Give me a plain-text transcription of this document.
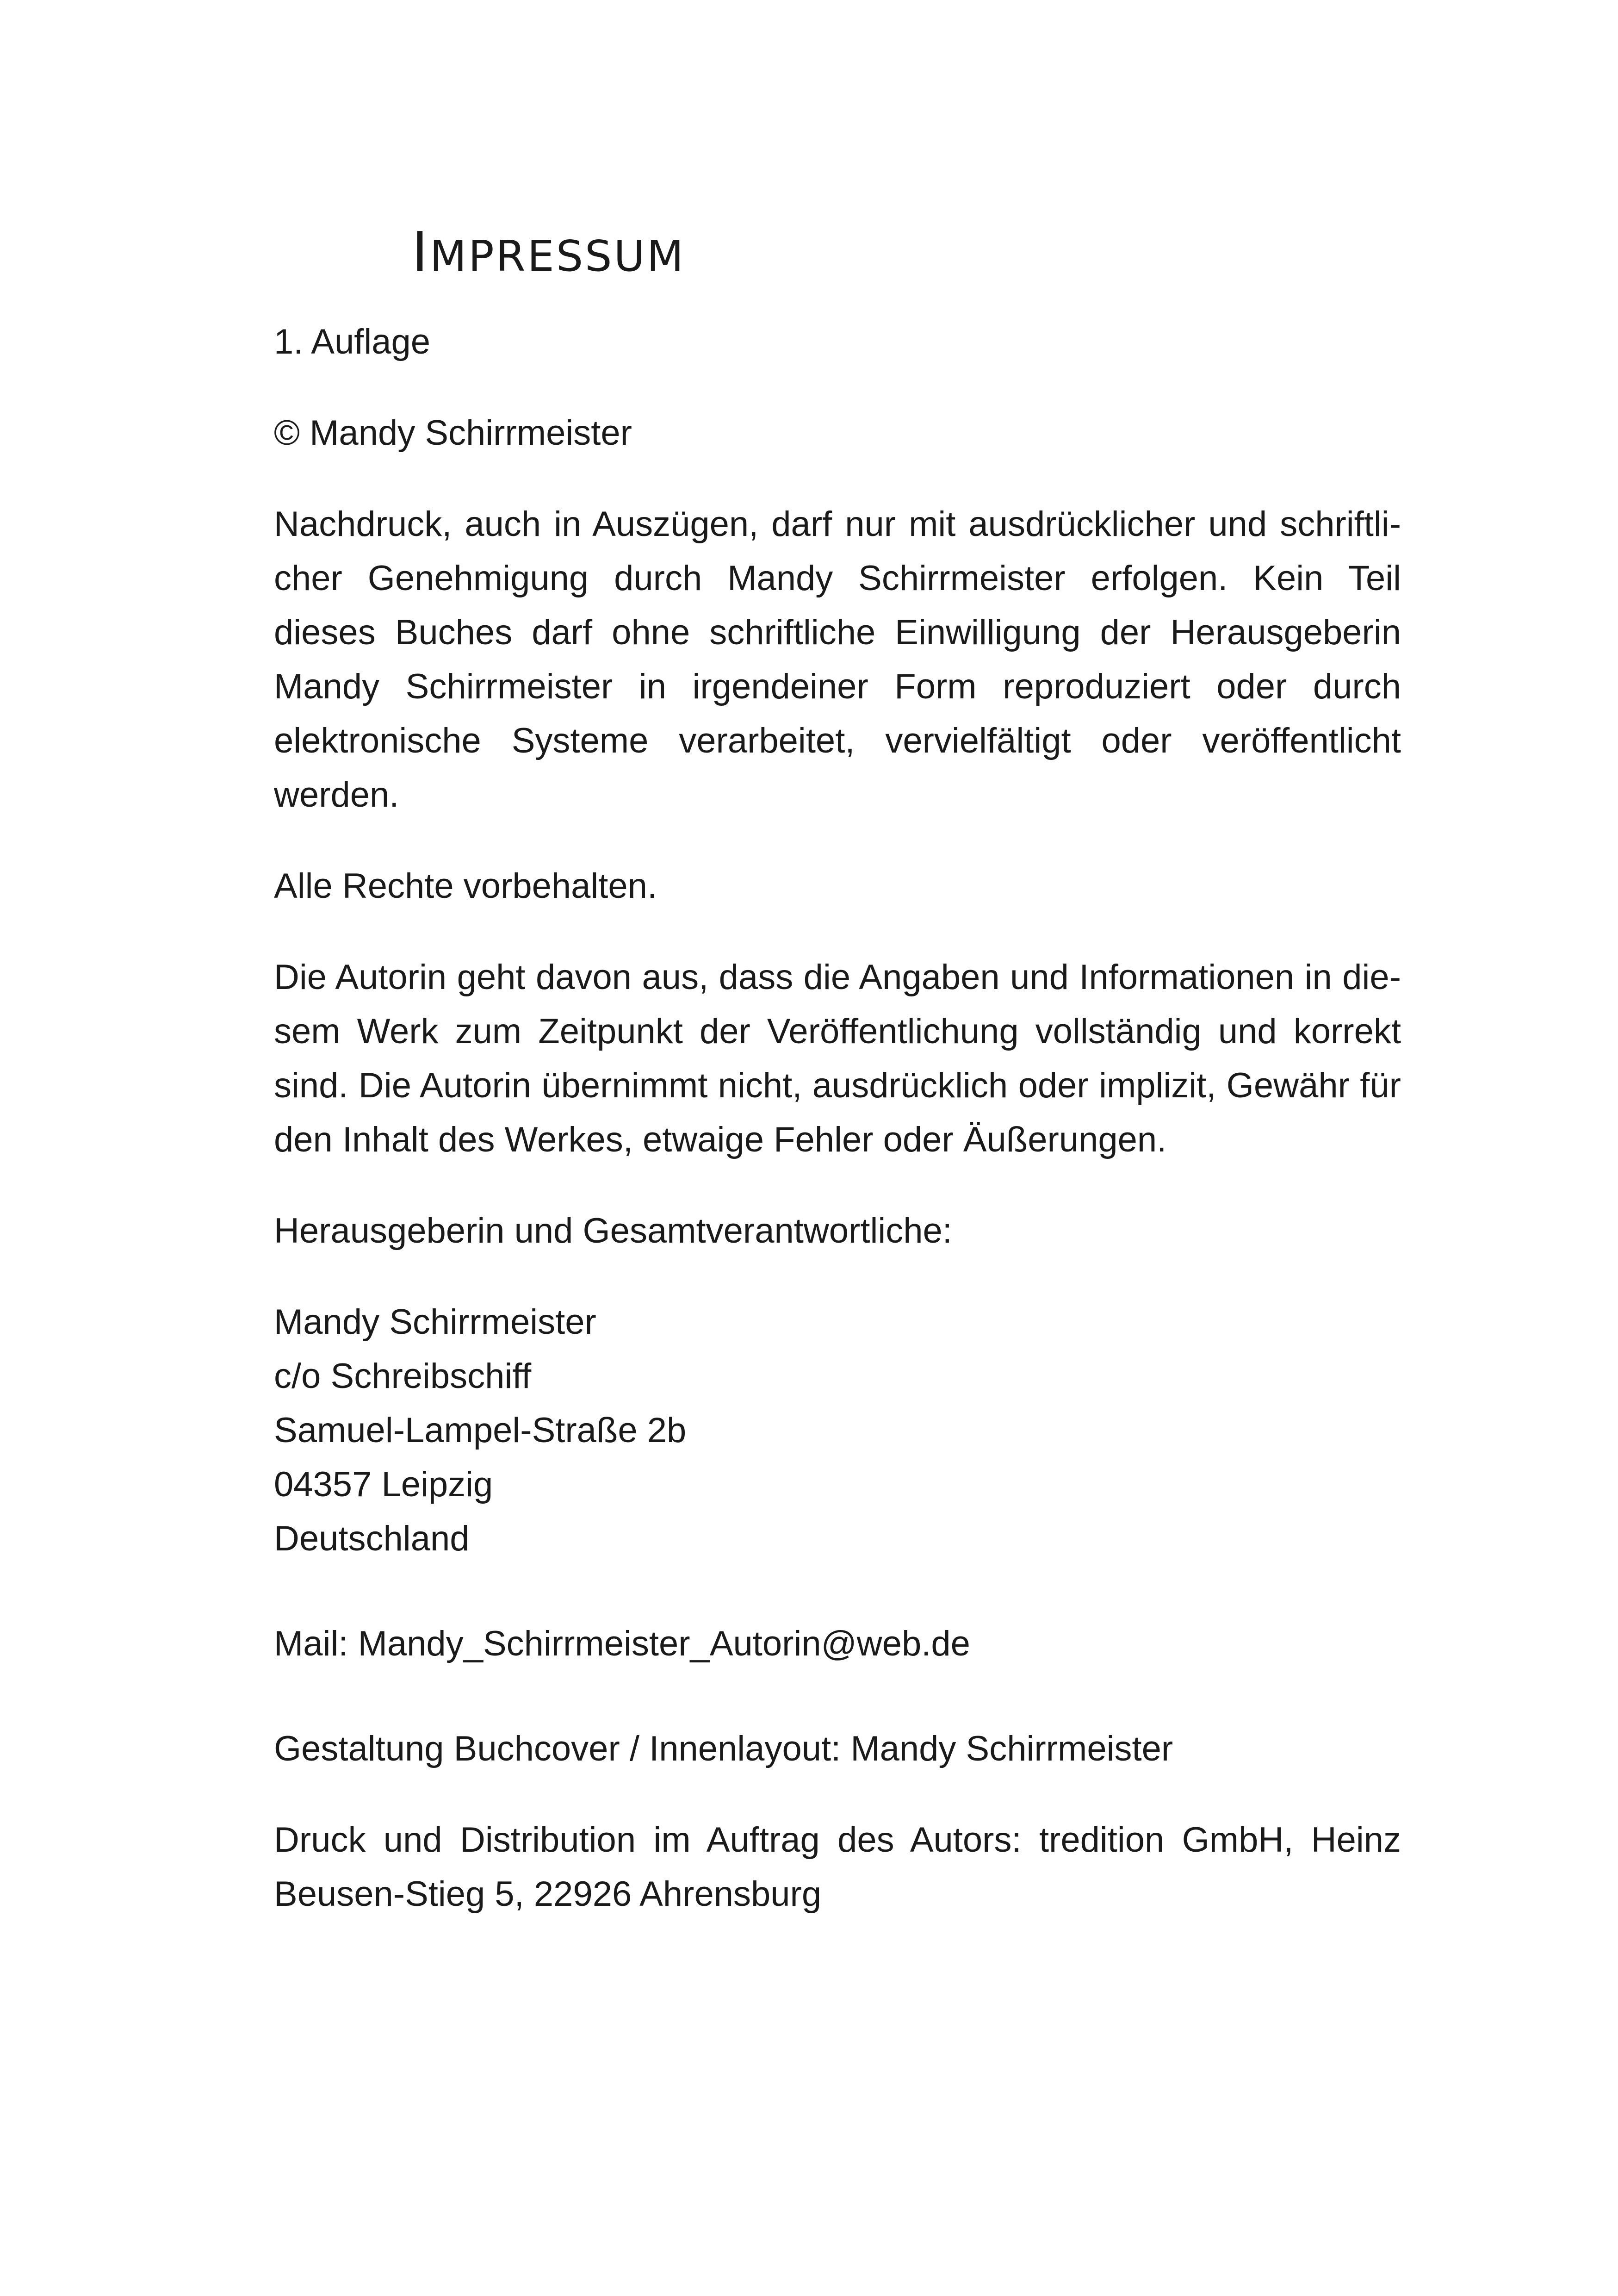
IMPRESSUM

1. Auflage

© Mandy Schirrmeister

Nachdruck, auch in Auszügen, darf nur mit ausdrücklicher und schriftlicher Genehmigung durch Mandy Schirrmeister erfolgen. Kein Teil dieses Buches darf ohne schriftliche Einwilligung der Herausgeberin Mandy Schirrmeister in irgendeiner Form reproduziert oder durch elektronische Systeme verarbeitet, vervielfältigt oder veröffentlicht werden.

Alle Rechte vorbehalten.

Die Autorin geht davon aus, dass die Angaben und Informationen in diesem Werk zum Zeitpunkt der Veröffentlichung vollständig und korrekt sind. Die Autorin übernimmt nicht, ausdrücklich oder implizit, Gewähr für den Inhalt des Werkes, etwaige Fehler oder Äußerungen.

Herausgeberin und Gesamtverantwortliche:

Mandy Schirrmeister
c/o Schreibschiff
Samuel-Lampel-Straße 2b
04357 Leipzig
Deutschland

Mail: Mandy_Schirrmeister_Autorin@web.de

Gestaltung Buchcover / Innenlayout: Mandy Schirrmeister

Druck und Distribution im Auftrag des Autors: tredition GmbH, Heinz Beusen-Stieg 5, 22926 Ahrensburg
